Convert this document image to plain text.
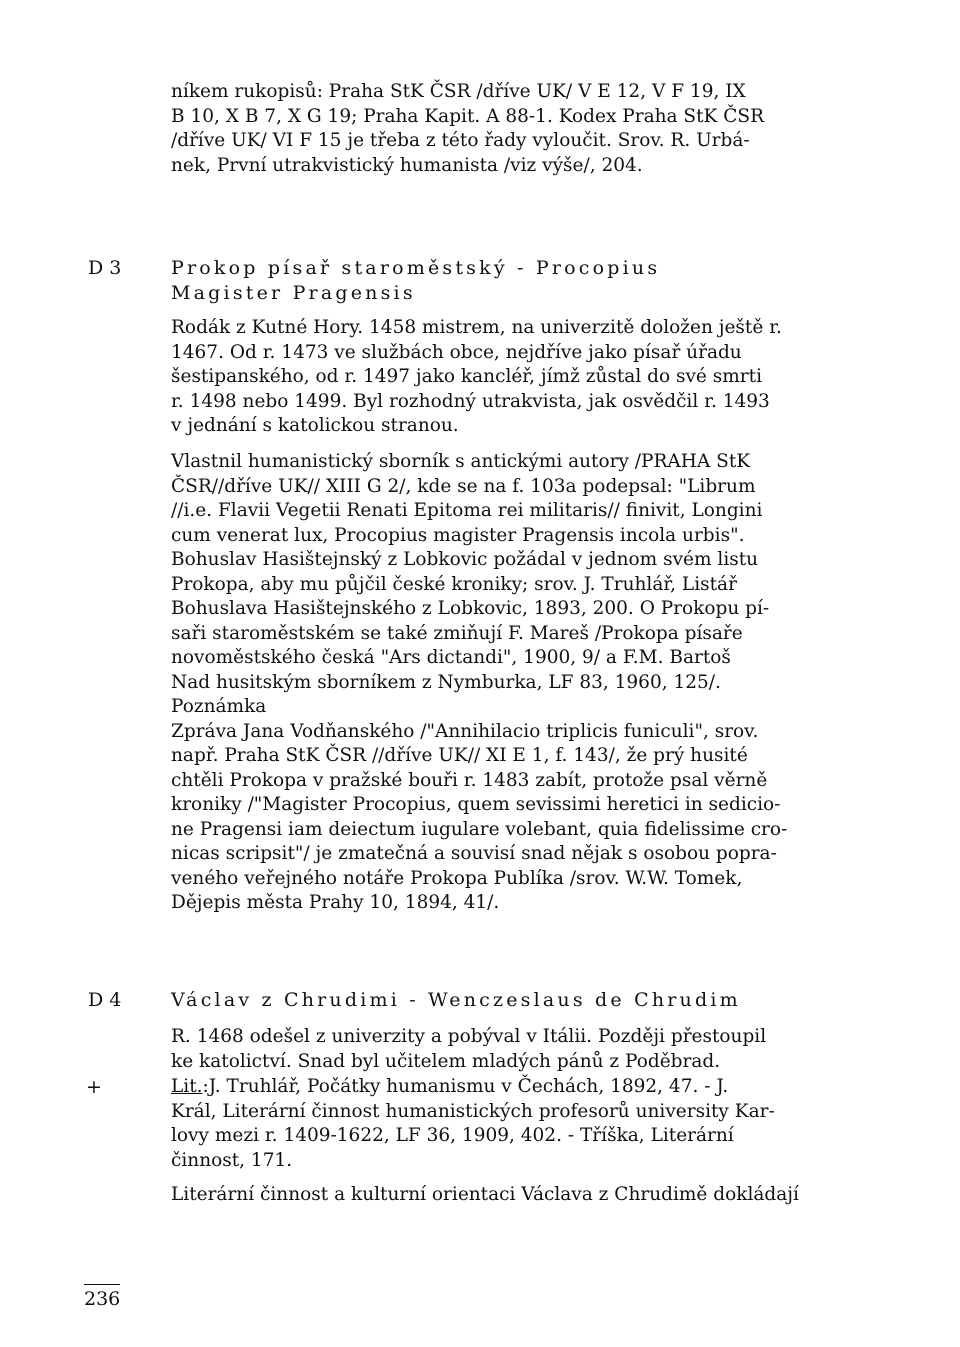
níkem rukopisů: Praha StK ČSR /dříve UK/ V E 12, V F 19, IX
B 10, X B 7, X G 19; Praha Kapit. A 88-1. Kodex Praha StK ČSR
/dříve UK/ VI F 15 je třeba z této řady vyloučit. Srov. R. Urbá-
nek, První utrakvistický humanista /viz výše/, 204.
D 3	Prokop písař staroměstský - Procopius
Magister Pragensis
Rodák z Kutné Hory. 1458 mistrem, na univerzitě doložen ještě r.
1467. Od r. 1473 ve službách obce, nejdříve jako písař úřadu
šestipanského, od r. 1497 jako kancléř, jímž zůstal do své smrti
r. 1498 nebo 1499. Byl rozhodný utrakvista, jak osvědčil r. 1493
v jednání s katolickou stranou.
Vlastnil humanistický sborník s antickými autory /PRAHA StK
ČSR//dříve UK// XIII G 2/, kde se na f. 103a podepsal: "Librum
//i.e. Flavii Vegetii Renati Epitoma rei militaris// finivit, Longini
cum venerat lux, Procopius magister Pragensis incola urbis".
Bohuslav Hasištejnský z Lobkovic požádal v jednom svém listu
Prokopa, aby mu půjčil české kroniky; srov. J. Truhlář, Listář
Bohuslava Hasištejnského z Lobkovic, 1893, 200. O Prokopu pí-
saři staroměstském se také zmiňují F. Mareš /Prokopa písaře
novoměstského česká "Ars dictandi", 1900, 9/ a F.M. Bartoš
Nad husitským sborníkem z Nymburka, LF 83, 1960, 125/.
Poznámka
Zpráva Jana Vodňanského /"Annihilacio triplicis funiculi", srov.
např. Praha StK ČSR //dříve UK// XI E 1, f. 143/, že prý husité
chtěli Prokopa v pražské bouři r. 1483 zabít, protože psal věrně
kroniky /"Magister Procopius, quem sevissimi heretici in sedicio-
ne Pragensi iam deiectum iugulare volebant, quia fidelissime cro-
nicas scripsit"/ je zmatečná a souvisí snad nějak s osobou popra-
veného veřejného notáře Prokopa Publíka /srov. W.W. Tomek,
Dějepis města Prahy 10, 1894, 41/.
D 4	Václav z Chrudimi - Wenczeslaus de Chrudim
R. 1468 odešel z univerzity a pobýval v Itálii. Později přestoupil
ke katolictví. Snad byl učitelem mladých pánů z Poděbrad.
+	Lit.:J. Truhlář, Počátky humanismu v Čechách, 1892, 47. - J.
Král, Literární činnost humanistických profesorů university Kar-
lovy mezi r. 1409-1622, LF 36, 1909, 402. - Tříška, Literární
činnost, 171.
Literární činnost a kulturní orientaci Václava z Chrudimě dokládají
236
